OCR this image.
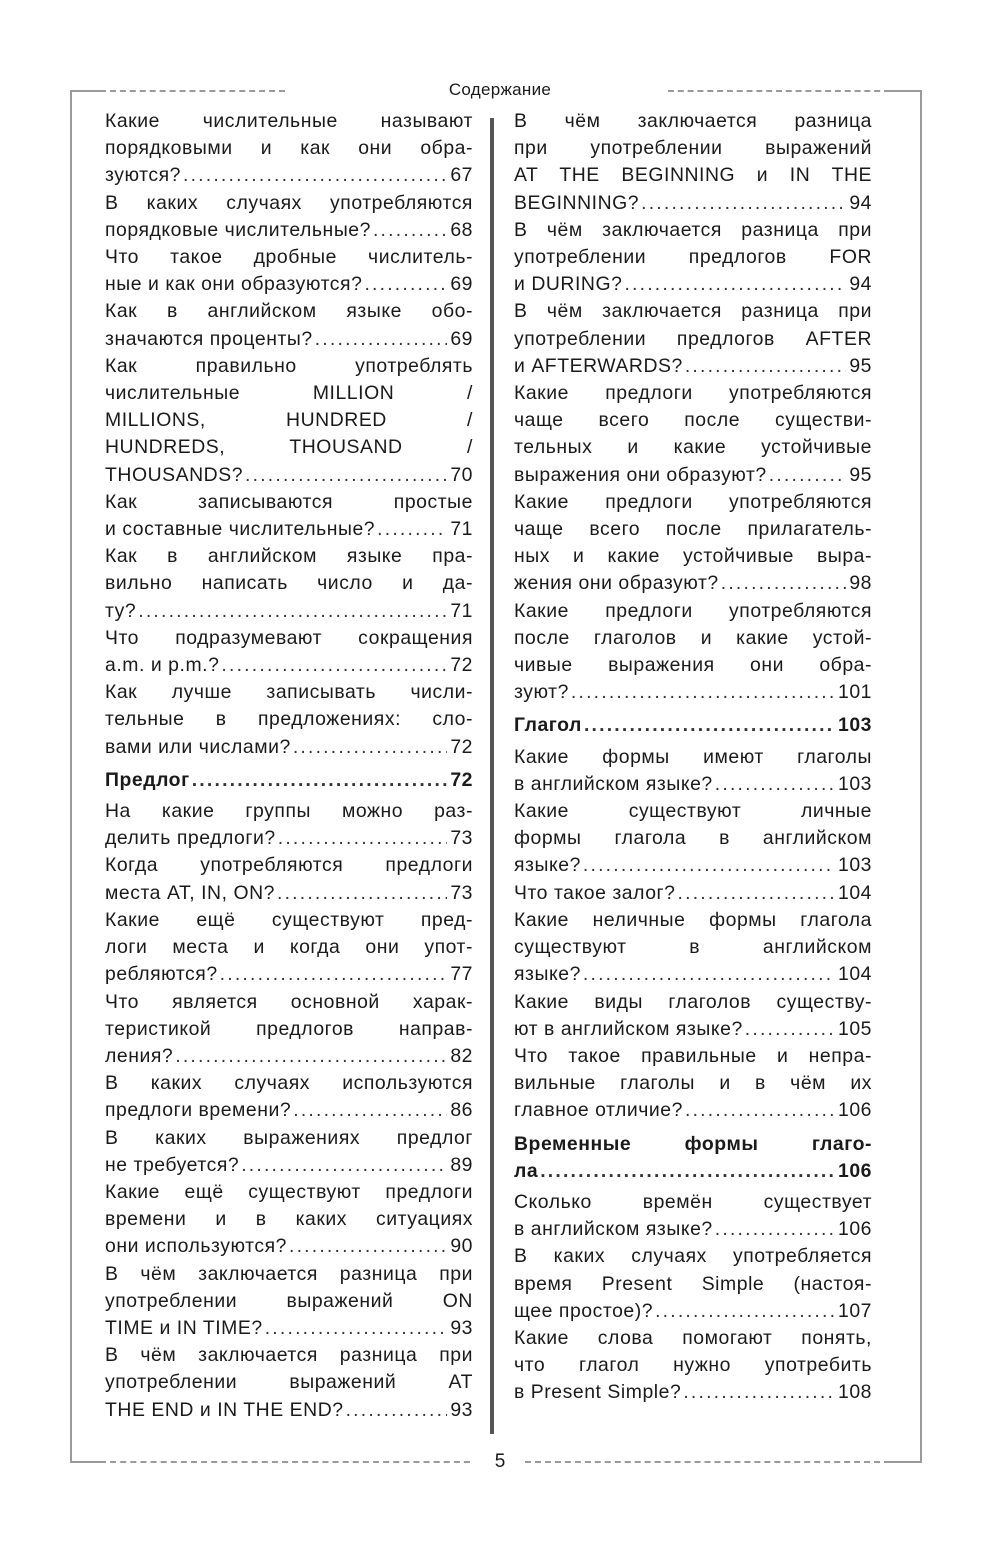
Содержание
Какие числительные называют
порядковыми и как они обра-
зуются? .....	67
В каких случаях употребляются
порядковые числительные? .....	68
Что такое дробные числитель-
ные и как они образуются? .....	69
Как в английском языке обо-
значаются проценты? .....	69
Как правильно употреблять
числительные MILLION /
MILLIONS, HUNDRED /
HUNDREDS, THOUSAND /
THOUSANDS? .....	70
Как записываются простые
и составные числительные? .....	71
Как в английском языке пра-
вильно написать число и да-
ту? .....	71
Что подразумевают сокращения
a.m. и p.m.? .....	72
Как лучше записывать числи-
тельные в предложениях: сло-
вами или числами? .....	72
Предлог .....	72
На какие группы можно раз-
делить предлоги? .....	73
Когда употребляются предлоги
места AT, IN, ON? .....	73
Какие ещё существуют пред-
логи места и когда они упот-
ребляются? .....	77
Что является основной харак-
теристикой предлогов направ-
ления? .....	82
В каких случаях используются
предлоги времени? .....	86
В каких выражениях предлог
не требуется? .....	89
Какие ещё существуют предлоги
времени и в каких ситуациях
они используются? .....	90
В чём заключается разница при
употреблении выражений ON
TIME и IN TIME? .....	93
В чём заключается разница при
употреблении выражений AT
THE END и IN THE END? .....	93
В чём заключается разница
при употреблении выражений
AT THE BEGINNING и IN THE
BEGINNING? .....	94
В чём заключается разница при
употреблении предлогов FOR
и DURING? .....	94
В чём заключается разница при
употреблении предлогов AFTER
и AFTERWARDS? .....	95
Какие предлоги употребляются
чаще всего после существи-
тельных и какие устойчивые
выражения они образуют? .....	95
Какие предлоги употребляются
чаще всего после прилагатель-
ных и какие устойчивые выра-
жения они образуют? .....	98
Какие предлоги употребляются
после глаголов и какие устой-
чивые выражения они обра-
зуют? .....	101
Глагол .....	103
Какие формы имеют глаголы
в английском языке? .....	103
Какие существуют личные
формы глагола в английском
языке? .....	103
Что такое залог? .....	104
Какие неличные формы глагола
существуют в английском
языке? .....	104
Какие виды глаголов существу-
ют в английском языке? .....	105
Что такое правильные и непра-
вильные глаголы и в чём их
главное отличие? .....	106
Временные формы глаго-
ла .....	106
Сколько времён существует
в английском языке? .....	106
В каких случаях употребляется
время Present Simple (настоя-
щее простое)? .....	107
Какие слова помогают понять,
что глагол нужно употребить
в Present Simple? .....	108
5
